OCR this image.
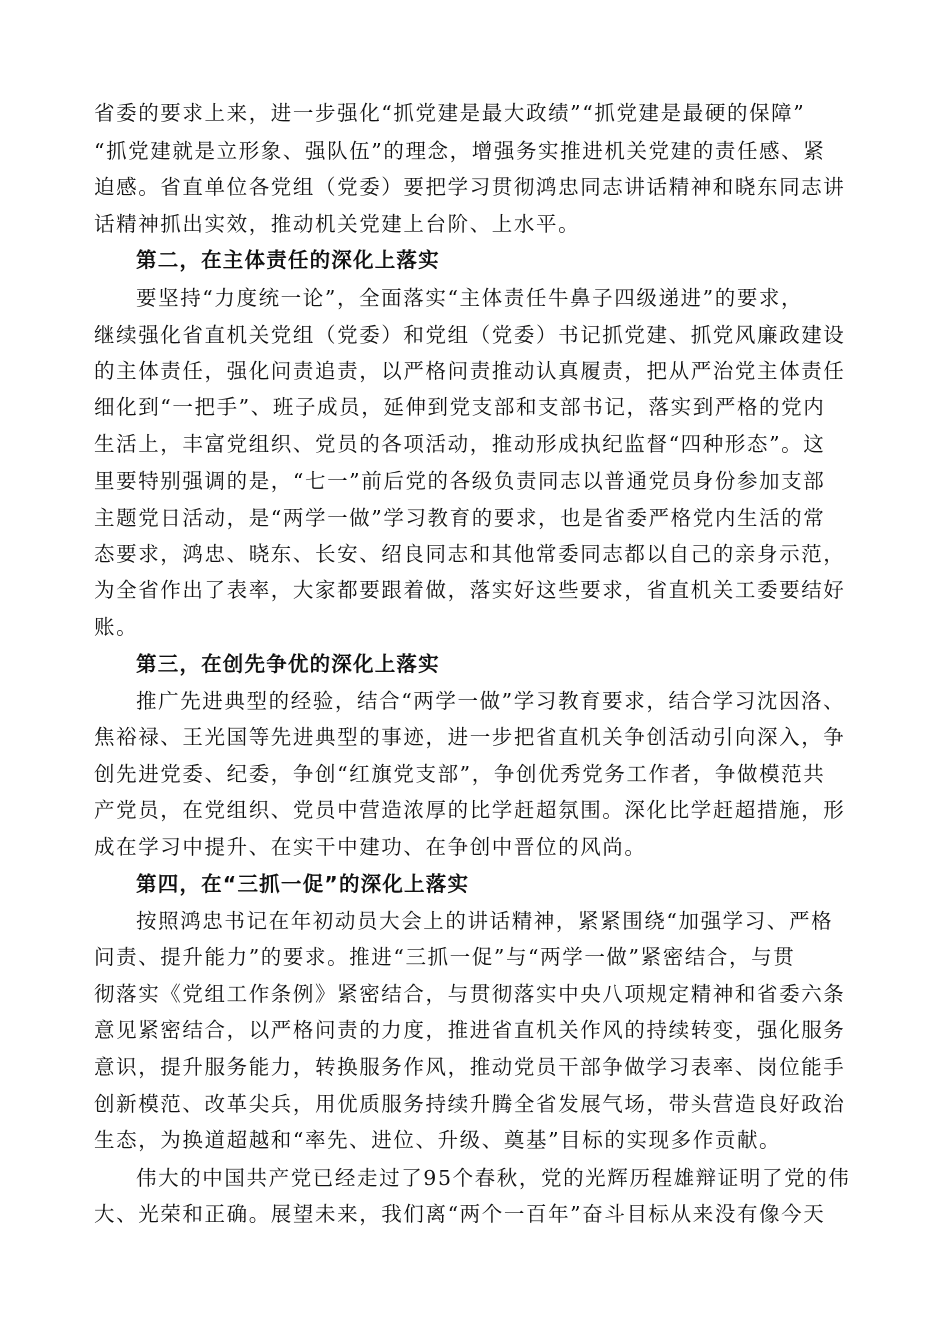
省委的要求上来，进一步强化“抓党建是最大政绩”“抓党建是最硬的保障”
“抓党建就是立形象、强队伍”的理念，增强务实推进机关党建的责任感、紧
迫感。省直单位各党组（党委）要把学习贯彻鸿忠同志讲话精神和晓东同志讲
话精神抓出实效，推动机关党建上台阶、上水平。
第二，在主体责任的深化上落实
要坚持“力度统一论”，全面落实“主体责任牛鼻子四级递进”的要求，
继续强化省直机关党组（党委）和党组（党委）书记抓党建、抓党风廉政建设
的主体责任，强化问责追责，以严格问责推动认真履责，把从严治党主体责任
细化到“一把手”、班子成员，延伸到党支部和支部书记，落实到严格的党内
生活上，丰富党组织、党员的各项活动，推动形成执纪监督“四种形态”。这
里要特别强调的是，“七一”前后党的各级负责同志以普通党员身份参加支部
主题党日活动，是“两学一做”学习教育的要求，也是省委严格党内生活的常
态要求，鸿忠、晓东、长安、绍良同志和其他常委同志都以自己的亲身示范，
为全省作出了表率，大家都要跟着做，落实好这些要求，省直机关工委要结好
账。
第三，在创先争优的深化上落实
推广先进典型的经验，结合“两学一做”学习教育要求，结合学习沈因洛、
焦裕禄、王光国等先进典型的事迹，进一步把省直机关争创活动引向深入，争
创先进党委、纪委，争创“红旗党支部”，争创优秀党务工作者，争做模范共
产党员，在党组织、党员中营造浓厚的比学赶超氛围。深化比学赶超措施，形
成在学习中提升、在实干中建功、在争创中晋位的风尚。
第四，在“三抓一促”的深化上落实
按照鸿忠书记在年初动员大会上的讲话精神，紧紧围绕“加强学习、严格
问责、提升能力”的要求。推进“三抓一促”与“两学一做”紧密结合，与贯
彻落实《党组工作条例》紧密结合，与贯彻落实中央八项规定精神和省委六条
意见紧密结合，以严格问责的力度，推进省直机关作风的持续转变，强化服务
意识，提升服务能力，转换服务作风，推动党员干部争做学习表率、岗位能手
创新模范、改革尖兵，用优质服务持续升腾全省发展气场，带头营造良好政治
生态，为换道超越和“率先、进位、升级、奠基”目标的实现多作贡献。
伟大的中国共产党已经走过了95个春秋，党的光辉历程雄辩证明了党的伟
大、光荣和正确。展望未来，我们离“两个一百年”奋斗目标从来没有像今天
